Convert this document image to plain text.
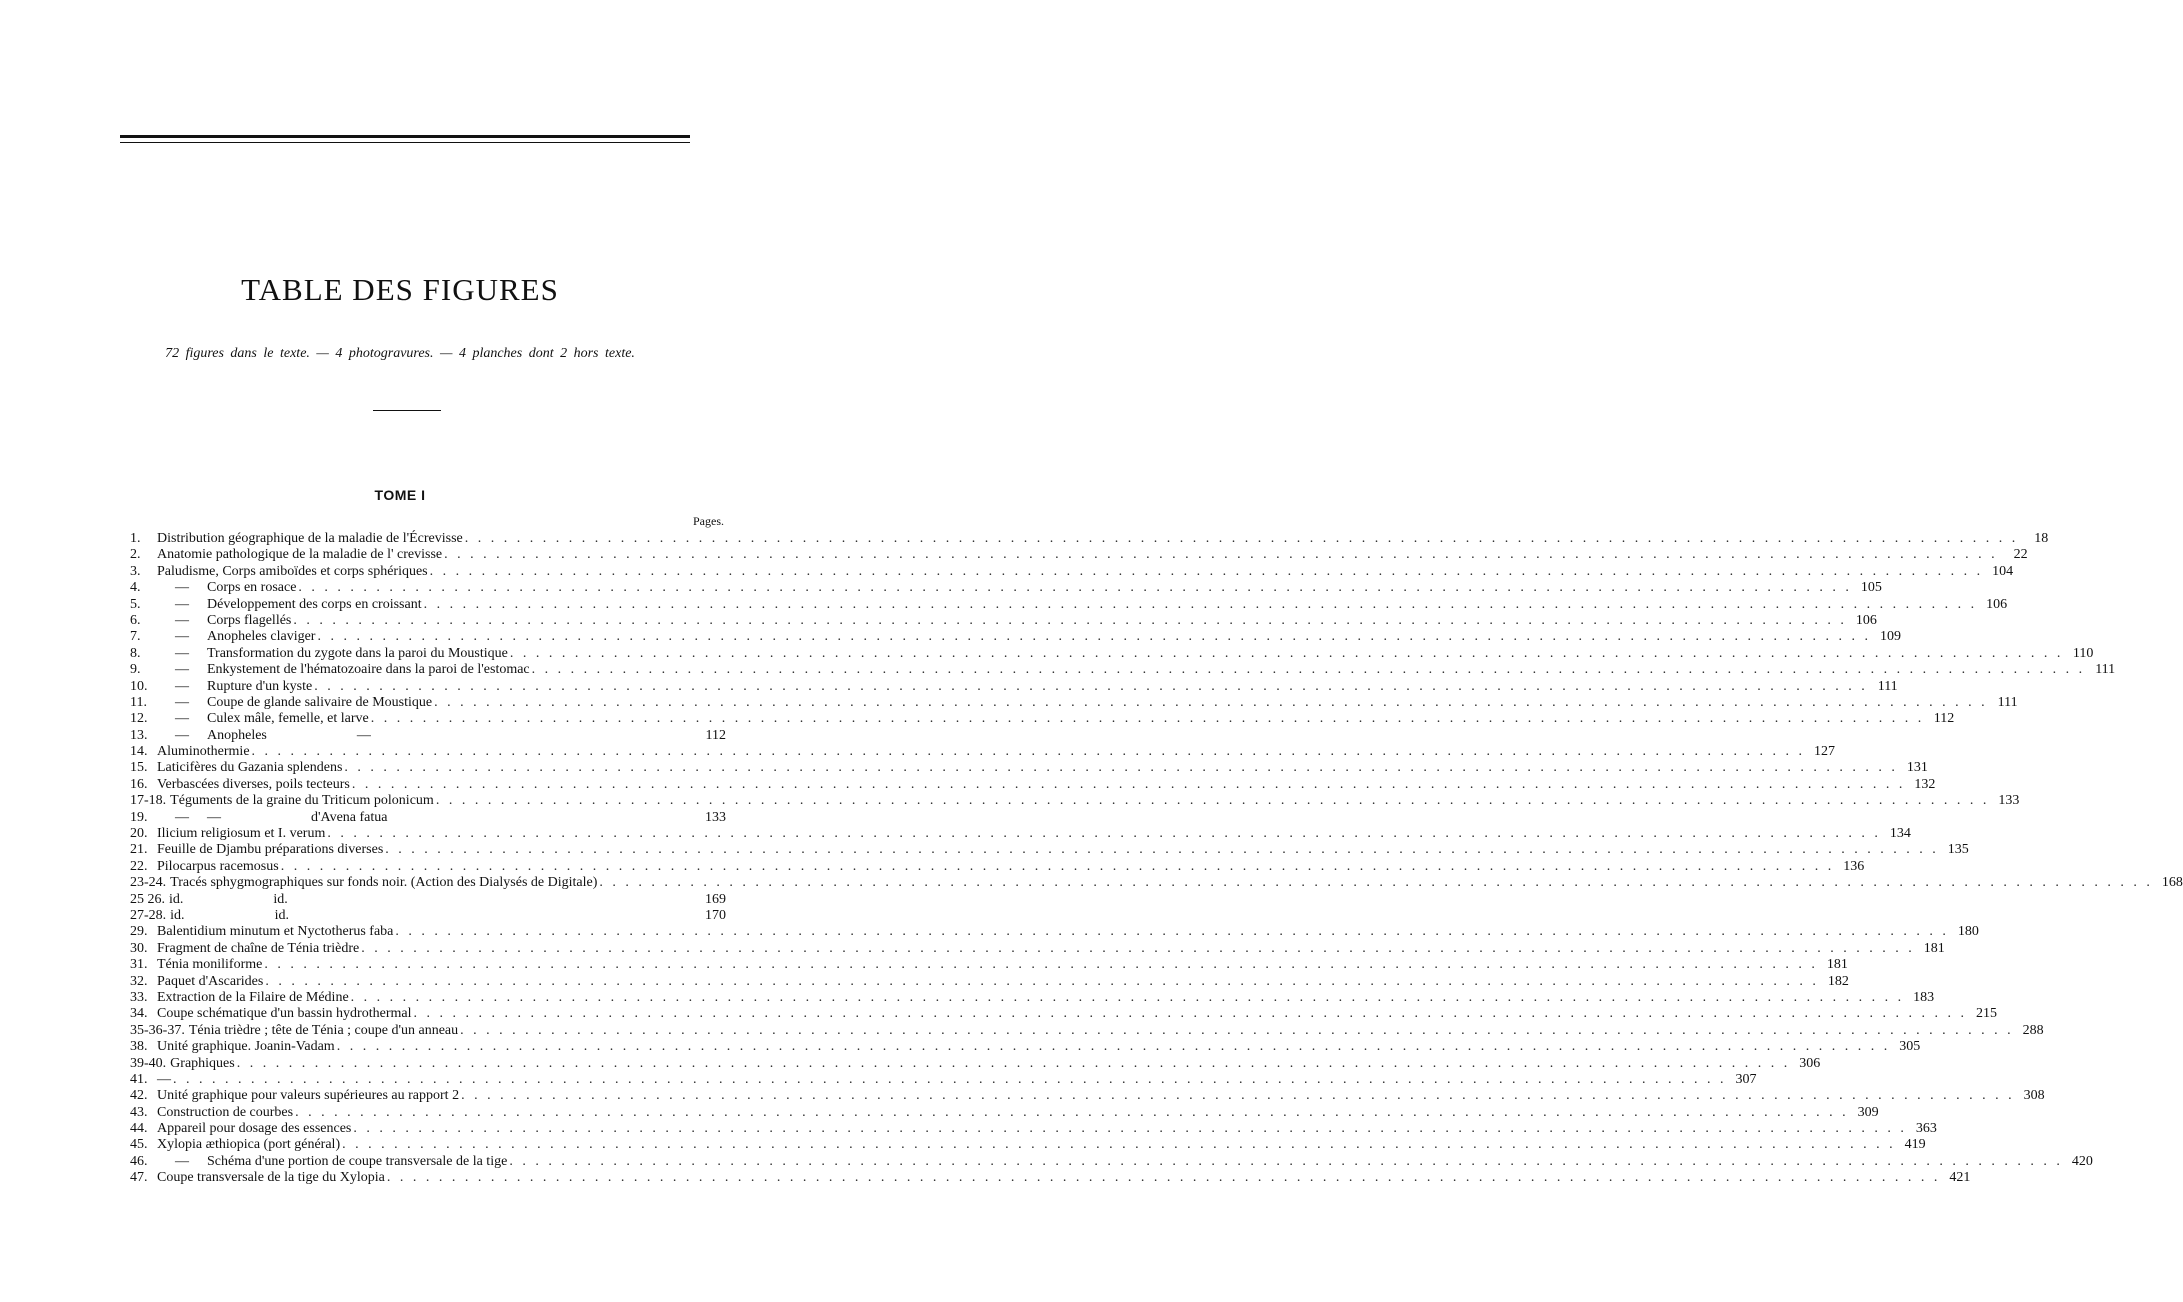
TABLE DES FIGURES
72 figures dans le texte. — 4 photogravures. — 4 planches dont 2 hors texte.
TOME I
Pages.
1.	Distribution géographique de la maladie de l'Écrevisse . . . . . . . . . . . . . . . . . . . . . . . . . . . . . . . . . . . . . . . . . . . . . . . . . . . . . . . . . . . . . . . . . . . . . . . . . . . . . . . . . . . . . . . . . . . . . . . . . . . . . . . . . . . . . . . . . . . . . . . .	18
2.	Anatomie pathologique de la maladie de l' crevisse . . . . . . . . . . . . . . . . . . . . . . . . . . . . . . . . . . . . . . . . . . . . . . . . . . . . . . . . . . . . . . . . . . . . . . . . . . . . . . . . . . . . . . . . . . . . . . . . . . . . . . . . . . . . . . . . . . . . . . . .	22
3.	Paludisme, Corps amiboïdes et corps sphériques . . . . . . . . . . . . . . . . . . . . . . . . . . . . . . . . . . . . . . . . . . . . . . . . . . . . . . . . . . . . . . . . . . . . . . . . . . . . . . . . . . . . . . . . . . . . . . . . . . . . . . . . . . . . . . . . . . . . . . . . 104
4.	—	Corps en rosace . . . . . . . . . . . . . . . . . . . . . . . . . . . . . . . . . . . . . . . . . . . . . . . . . . . . . . . . . . . . . . . . . . . . . . . . . . . . . . . . . . . . . . . . . . . . . . . . . . . . . . . . . . . . . . . . . . . . . . . . 105
5.	—	Développement des corps en croissant . . . . . . . . . . . . . . . . . . . . . . . . . . . . . . . . . . . . . . . . . . . . . . . . . . . . . . . . . . . . . . . . . . . . . . . . . . . . . . . . . . . . . . . . . . . . . . . . . . . . . . . . . . . . . . . . . . . . . . . . 106
6.	—	Corps flagellés . . . . . . . . . . . . . . . . . . . . . . . . . . . . . . . . . . . . . . . . . . . . . . . . . . . . . . . . . . . . . . . . . . . . . . . . . . . . . . . . . . . . . . . . . . . . . . . . . . . . . . . . . . . . . . . . . . . . . . . . 106
7.	—	Anopheles claviger . . . . . . . . . . . . . . . . . . . . . . . . . . . . . . . . . . . . . . . . . . . . . . . . . . . . . . . . . . . . . . . . . . . . . . . . . . . . . . . . . . . . . . . . . . . . . . . . . . . . . . . . . . . . . . . . . . . . . . . . 109
8.	—	Transformation du zygote dans la paroi du Moustique . . . . . . . . . . . . . . . . . . . . . . . . . . . . . . . . . . . . . . . . . . . . . . . . . . . . . . . . . . . . . . . . . . . . . . . . . . . . . . . . . . . . . . . . . . . . . . . . . . . . . . . . . . . . . . . . . . . . . . . . 110
9.	—	Enkystement de l'hématozoaire dans la paroi de l'estomac . . . . . . . . . . . . . . . . . . . . . . . . . . . . . . . . . . . . . . . . . . . . . . . . . . . . . . . . . . . . . . . . . . . . . . . . . . . . . . . . . . . . . . . . . . . . . . . . . . . . . . . . . . . . . . . . . . . . . . . . 111
10.	—	Rupture d'un kyste . . . . . . . . . . . . . . . . . . . . . . . . . . . . . . . . . . . . . . . . . . . . . . . . . . . . . . . . . . . . . . . . . . . . . . . . . . . . . . . . . . . . . . . . . . . . . . . . . . . . . . . . . . . . . . . . . . . . . . . . 111
11.	—	Coupe de glande salivaire de Moustique . . . . . . . . . . . . . . . . . . . . . . . . . . . . . . . . . . . . . . . . . . . . . . . . . . . . . . . . . . . . . . . . . . . . . . . . . . . . . . . . . . . . . . . . . . . . . . . . . . . . . . . . . . . . . . . . . . . . . . . . 111
12.	—	Culex mâle, femelle, et larve . . . . . . . . . . . . . . . . . . . . . . . . . . . . . . . . . . . . . . . . . . . . . . . . . . . . . . . . . . . . . . . . . . . . . . . . . . . . . . . . . . . . . . . . . . . . . . . . . . . . . . . . . . . . . . . . . . . . . . . . 112
13.	—	Anopheles	—	112
14. Aluminothermie . . . . . . . . . . . . . . . . . . . . . . . . . . . . . . . . . . . . . . . . . . . . . . . . . . . . . . . . . . . . . . . . . . . . . . . . . . . . . . . . . . . . . . . . . . . . . . . . . . . . . . . . . . . . . . . . . . . . . . . . 127
15. Laticifères du Gazania splendens . . . . . . . . . . . . . . . . . . . . . . . . . . . . . . . . . . . . . . . . . . . . . . . . . . . . . . . . . . . . . . . . . . . . . . . . . . . . . . . . . . . . . . . . . . . . . . . . . . . . . . . . . . . . . . . . . . . . . . . . 131
16. Verbascées diverses, poils tecteurs . . . . . . . . . . . . . . . . . . . . . . . . . . . . . . . . . . . . . . . . . . . . . . . . . . . . . . . . . . . . . . . . . . . . . . . . . . . . . . . . . . . . . . . . . . . . . . . . . . . . . . . . . . . . . . . . . . . . . . . . 132
17-18. Téguments de la graine du Triticum polonicum . . . . . . . . . . . . . . . . . . . . . . . . . . . . . . . . . . . . . . . . . . . . . . . . . . . . . . . . . . . . . . . . . . . . . . . . . . . . . . . . . . . . . . . . . . . . . . . . . . . . . . . . . . . . . . . . . . . . . . . . 133
19.	—	—	d'Avena fatua	133
20. Ilicium religiosum et I. verum . . . . . . . . . . . . . . . . . . . . . . . . . . . . . . . . . . . . . . . . . . . . . . . . . . . . . . . . . . . . . . . . . . . . . . . . . . . . . . . . . . . . . . . . . . . . . . . . . . . . . . . . . . . . . . . . . . . . . . . . 134
21. Feuille de Djambu préparations diverses . . . . . . . . . . . . . . . . . . . . . . . . . . . . . . . . . . . . . . . . . . . . . . . . . . . . . . . . . . . . . . . . . . . . . . . . . . . . . . . . . . . . . . . . . . . . . . . . . . . . . . . . . . . . . . . . . . . . . . . . 135
22. Pilocarpus racemosus . . . . . . . . . . . . . . . . . . . . . . . . . . . . . . . . . . . . . . . . . . . . . . . . . . . . . . . . . . . . . . . . . . . . . . . . . . . . . . . . . . . . . . . . . . . . . . . . . . . . . . . . . . . . . . . . . . . . . . . . 136
23-24. Tracés sphygmographiques sur fonds noir. (Action des Dialysés de Digitale) . . . . . . . . . . . . . . . . . . . . . . . . . . . . . . . . . . . . . . . . . . . . . . . . . . . . . . . . . . . . . . . . . . . . . . . . . . . . . . . . . . . . . . . . . . . . . . . . . . . . . . . . . . . . . . . . . . . . . . . . 168
25 26. id.	id.	169
27-28. id.	id.	170
29. Balentidium minutum et Nyctotherus faba . . . . . . . . . . . . . . . . . . . . . . . . . . . . . . . . . . . . . . . . . . . . . . . . . . . . . . . . . . . . . . . . . . . . . . . . . . . . . . . . . . . . . . . . . . . . . . . . . . . . . . . . . . . . . . . . . . . . . . . . 180
30. Fragment de chaîne de Ténia trièdre . . . . . . . . . . . . . . . . . . . . . . . . . . . . . . . . . . . . . . . . . . . . . . . . . . . . . . . . . . . . . . . . . . . . . . . . . . . . . . . . . . . . . . . . . . . . . . . . . . . . . . . . . . . . . . . . . . . . . . . . 181
31. Ténia moniliforme . . . . . . . . . . . . . . . . . . . . . . . . . . . . . . . . . . . . . . . . . . . . . . . . . . . . . . . . . . . . . . . . . . . . . . . . . . . . . . . . . . . . . . . . . . . . . . . . . . . . . . . . . . . . . . . . . . . . . . . . 181
32. Paquet d'Ascarides . . . . . . . . . . . . . . . . . . . . . . . . . . . . . . . . . . . . . . . . . . . . . . . . . . . . . . . . . . . . . . . . . . . . . . . . . . . . . . . . . . . . . . . . . . . . . . . . . . . . . . . . . . . . . . . . . . . . . . . . 182
33. Extraction de la Filaire de Médine . . . . . . . . . . . . . . . . . . . . . . . . . . . . . . . . . . . . . . . . . . . . . . . . . . . . . . . . . . . . . . . . . . . . . . . . . . . . . . . . . . . . . . . . . . . . . . . . . . . . . . . . . . . . . . . . . . . . . . . . 183
34. Coupe schématique d'un bassin hydrothermal . . . . . . . . . . . . . . . . . . . . . . . . . . . . . . . . . . . . . . . . . . . . . . . . . . . . . . . . . . . . . . . . . . . . . . . . . . . . . . . . . . . . . . . . . . . . . . . . . . . . . . . . . . . . . . . . . . . . . . . . 215
35-36-37. Ténia trièdre ; tête de Ténia ; coupe d'un anneau . . . . . . . . . . . . . . . . . . . . . . . . . . . . . . . . . . . . . . . . . . . . . . . . . . . . . . . . . . . . . . . . . . . . . . . . . . . . . . . . . . . . . . . . . . . . . . . . . . . . . . . . . . . . . . . . . . . . . . . . 288
38. Unité graphique. Joanin-Vadam . . . . . . . . . . . . . . . . . . . . . . . . . . . . . . . . . . . . . . . . . . . . . . . . . . . . . . . . . . . . . . . . . . . . . . . . . . . . . . . . . . . . . . . . . . . . . . . . . . . . . . . . . . . . . . . . . . . . . . . . 305
39-40. Graphiques . . . . . . . . . . . . . . . . . . . . . . . . . . . . . . . . . . . . . . . . . . . . . . . . . . . . . . . . . . . . . . . . . . . . . . . . . . . . . . . . . . . . . . . . . . . . . . . . . . . . . . . . . . . . . . . . . . . . . . . . 306
41. — . . . . . . . . . . . . . . . . . . . . . . . . . . . . . . . . . . . . . . . . . . . . . . . . . . . . . . . . . . . . . . . . . . . . . . . . . . . . . . . . . . . . . . . . . . . . . . . . . . . . . . . . . . . . . . . . . . . . . . . . 307
42. Unité graphique pour valeurs supérieures au rapport 2 . . . . . . . . . . . . . . . . . . . . . . . . . . . . . . . . . . . . . . . . . . . . . . . . . . . . . . . . . . . . . . . . . . . . . . . . . . . . . . . . . . . . . . . . . . . . . . . . . . . . . . . . . . . . . . . . . . . . . . . . 308
43. Construction de courbes . . . . . . . . . . . . . . . . . . . . . . . . . . . . . . . . . . . . . . . . . . . . . . . . . . . . . . . . . . . . . . . . . . . . . . . . . . . . . . . . . . . . . . . . . . . . . . . . . . . . . . . . . . . . . . . . . . . . . . . . 309
44. Appareil pour dosage des essences . . . . . . . . . . . . . . . . . . . . . . . . . . . . . . . . . . . . . . . . . . . . . . . . . . . . . . . . . . . . . . . . . . . . . . . . . . . . . . . . . . . . . . . . . . . . . . . . . . . . . . . . . . . . . . . . . . . . . . . . 363
45. Xylopia æthiopica (port général) . . . . . . . . . . . . . . . . . . . . . . . . . . . . . . . . . . . . . . . . . . . . . . . . . . . . . . . . . . . . . . . . . . . . . . . . . . . . . . . . . . . . . . . . . . . . . . . . . . . . . . . . . . . . . . . . . . . . . . . . 419
46.	—	Schéma d'une portion de coupe transversale de la tige . . . . . . . . . . . . . . . . . . . . . . . . . . . . . . . . . . . . . . . . . . . . . . . . . . . . . . . . . . . . . . . . . . . . . . . . . . . . . . . . . . . . . . . . . . . . . . . . . . . . . . . . . . . . . . . . . . . . . . . . 420
47. Coupe transversale de la tige du Xylopia . . . . . . . . . . . . . . . . . . . . . . . . . . . . . . . . . . . . . . . . . . . . . . . . . . . . . . . . . . . . . . . . . . . . . . . . . . . . . . . . . . . . . . . . . . . . . . . . . . . . . . . . . . . . . . . . . . . . . . . . 421
